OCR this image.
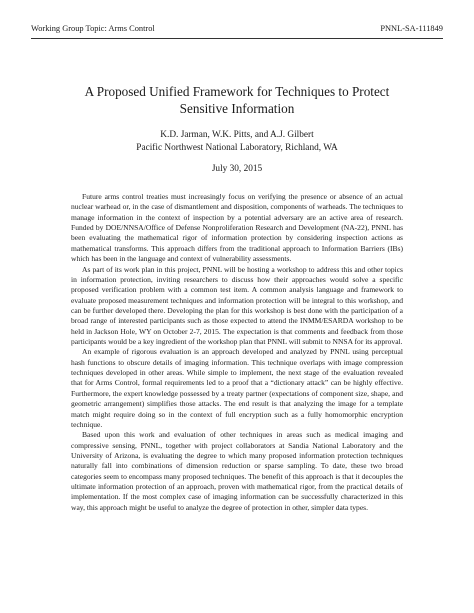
Working Group Topic: Arms Control	PNNL-SA-111849
A Proposed Unified Framework for Techniques to Protect
Sensitive Information
K.D. Jarman, W.K. Pitts, and A.J. Gilbert
Pacific Northwest National Laboratory, Richland, WA
July 30, 2015

Future arms control treaties must increasingly focus on verifying the presence or absence of an actual nuclear warhead or, in the case of dismantlement and disposition, components of warheads. The techniques to manage information in the context of inspection by a potential adversary are an active area of research. Funded by DOE/NNSA/Office of Defense Nonproliferation Research and Development (NA-22), PNNL has been evaluating the mathematical rigor of information protection by considering inspection actions as mathematical transforms. This approach differs from the traditional approach to Information Barriers (IBs) which has been in the language and context of vulnerability assessments.

As part of its work plan in this project, PNNL will be hosting a workshop to address this and other topics in information protection, inviting researchers to discuss how their approaches would solve a specific proposed verification problem with a common test item. A common analysis language and framework to evaluate proposed measurement techniques and information protection will be integral to this workshop, and can be further developed there. Developing the plan for this workshop is best done with the participation of a broad range of interested participants such as those expected to attend the INMM/ESARDA workshop to be held in Jackson Hole, WY on October 2-7, 2015. The expectation is that comments and feedback from those participants would be a key ingredient of the workshop plan that PNNL will submit to NNSA for its approval.

An example of rigorous evaluation is an approach developed and analyzed by PNNL using perceptual hash functions to obscure details of imaging information. This technique overlaps with image compression techniques developed in other areas. While simple to implement, the next stage of the evaluation revealed that for Arms Control, formal requirements led to a proof that a “dictionary attack” can be highly effective. Furthermore, the expert knowledge possessed by a treaty partner (expectations of component size, shape, and geometric arrangement) simplifies those attacks. The end result is that analyzing the image for a template match might require doing so in the context of full encryption such as a fully homomorphic encryption technique.

Based upon this work and evaluation of other techniques in areas such as medical imaging and compressive sensing, PNNL, together with project collaborators at Sandia National Laboratory and the University of Arizona, is evaluating the degree to which many proposed information protection techniques naturally fall into combinations of dimension reduction or sparse sampling. To date, these two broad categories seem to encompass many proposed techniques. The benefit of this approach is that it decouples the ultimate information protection of an approach, proven with mathematical rigor, from the practical details of implementation. If the most complex case of imaging information can be successfully characterized in this way, this approach might be useful to analyze the degree of protection in other, simpler data types.
